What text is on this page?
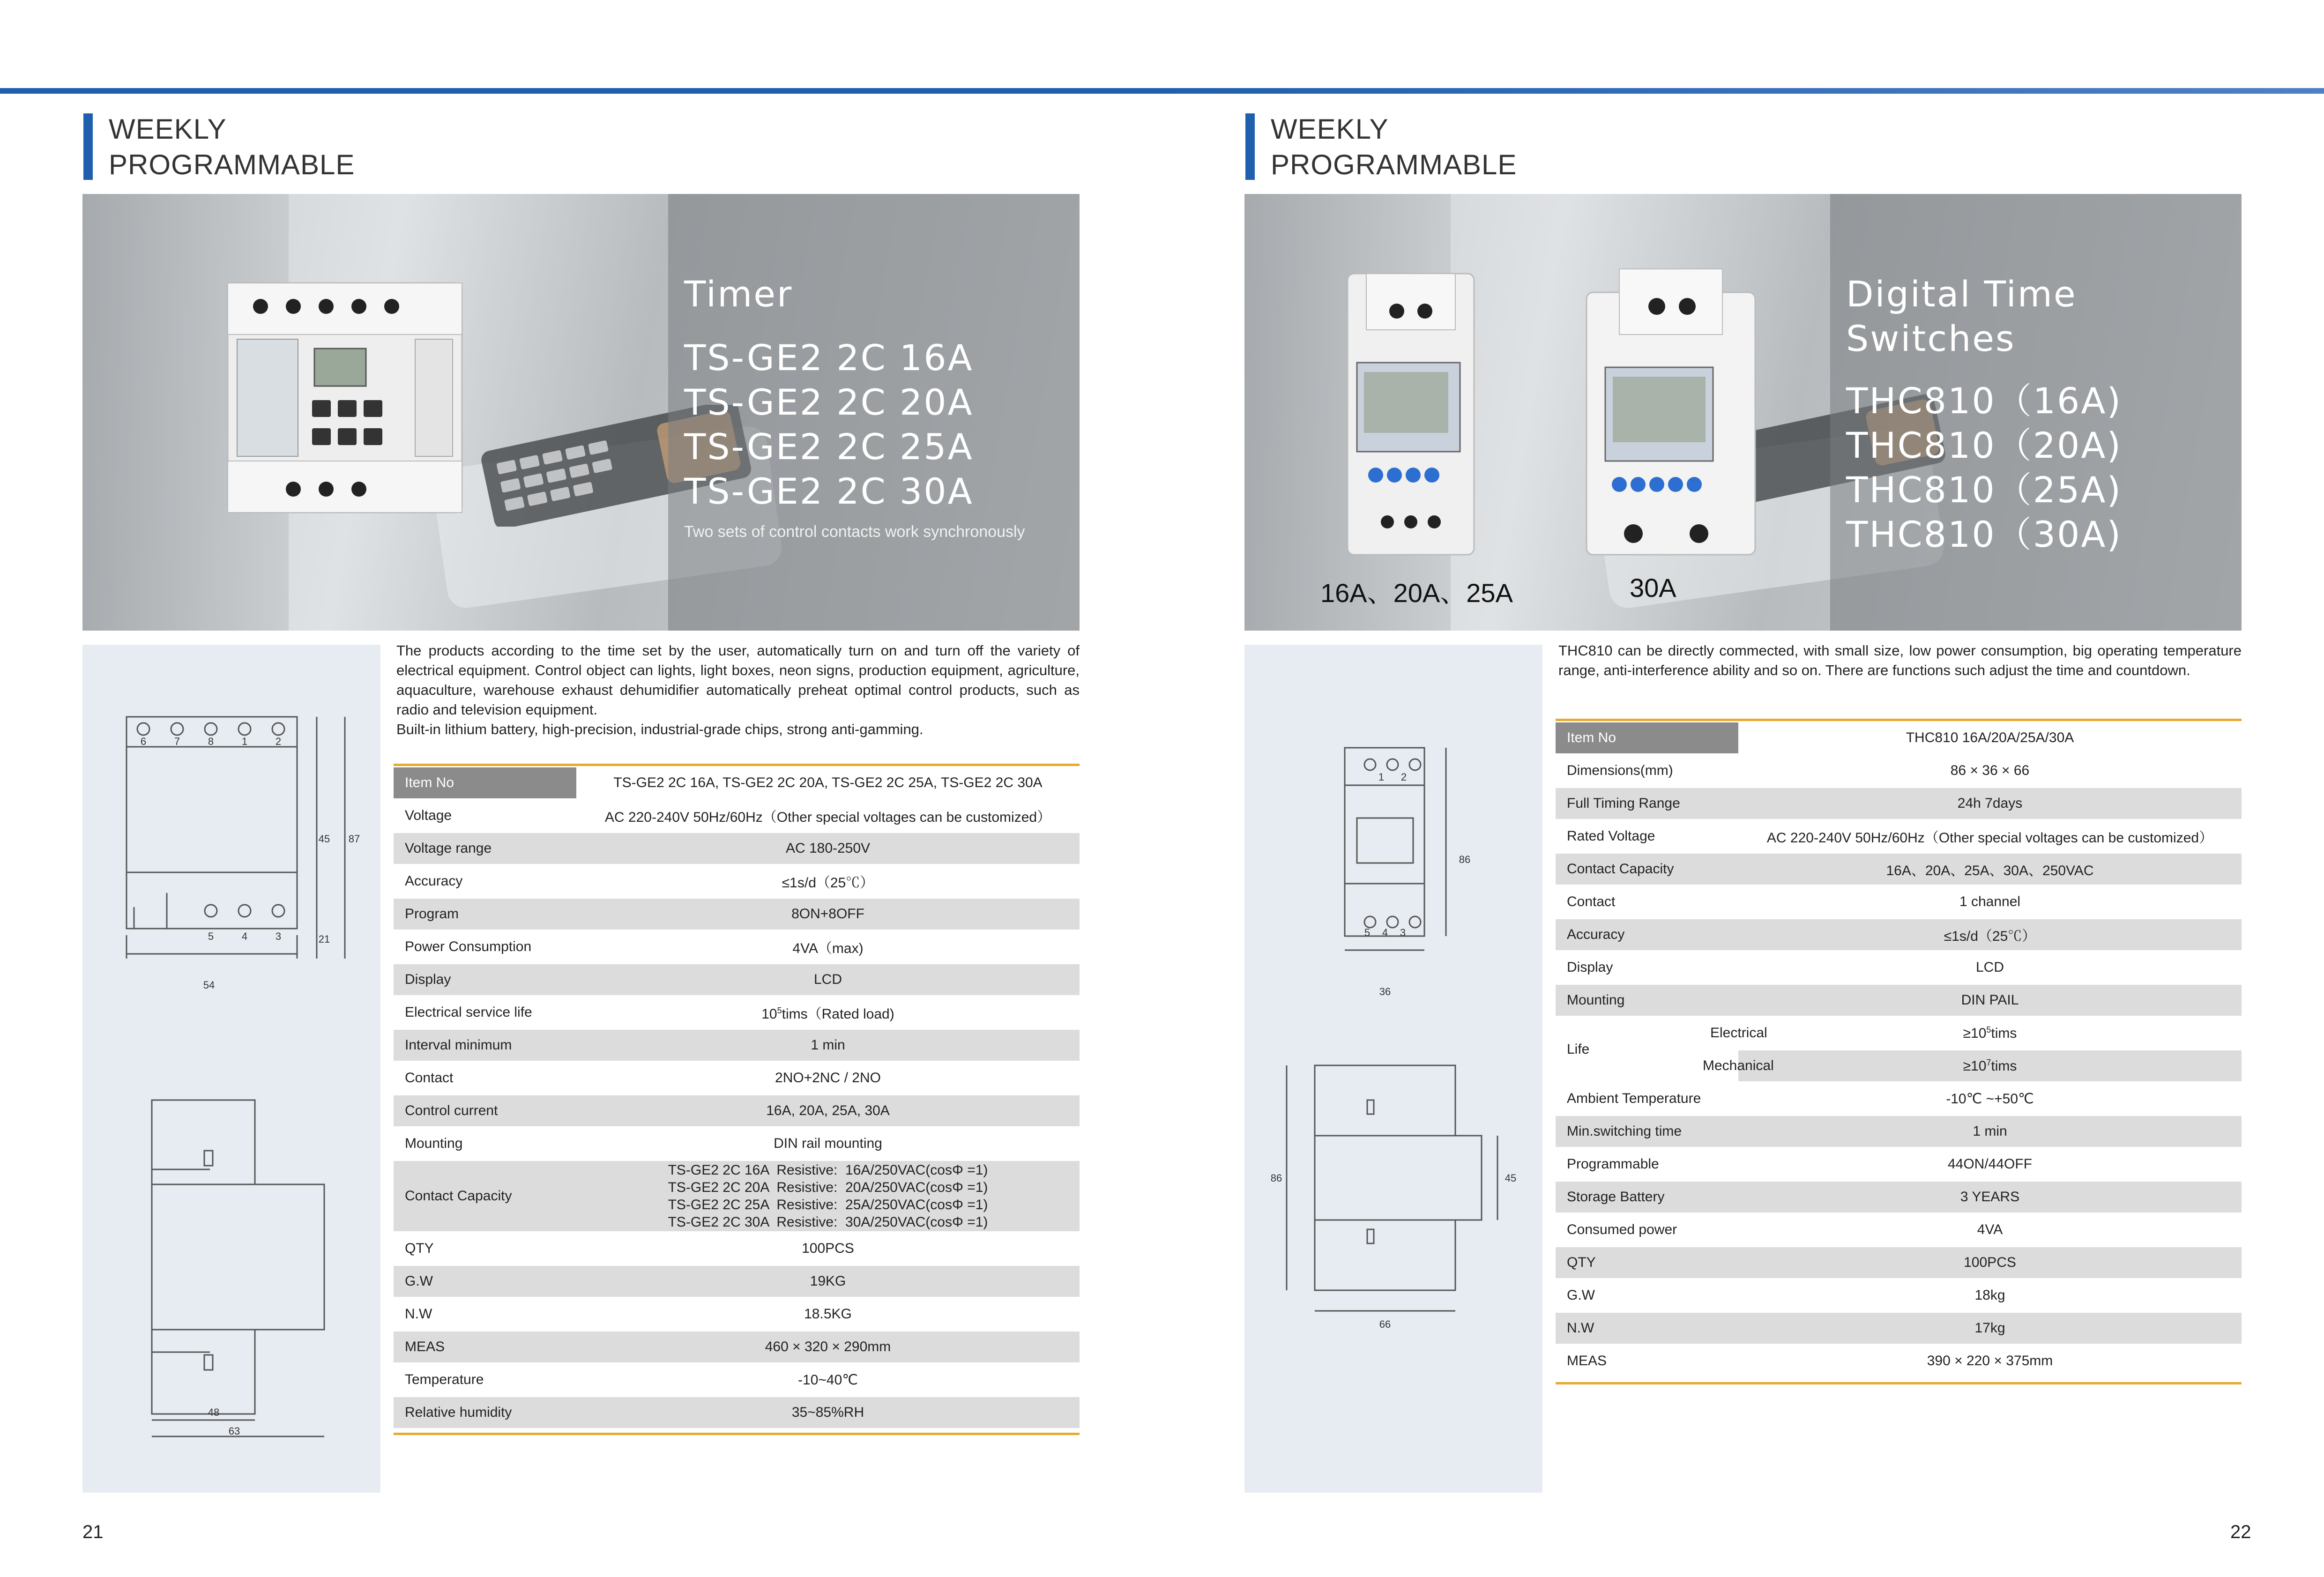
WEEKLY
PROGRAMMABLE
Timer
TS-GE2 2C 16A
TS-GE2 2C 20A
TS-GE2 2C 25A
TS-GE2 2C 30A
Two sets of control contacts work synchronously
6	7	8	1	2
5	4	3
45 87
21
54
48
63
The products according to the time set by the user, automatically turn on and turn off the variety of electrical equipment. Control object can lights, light boxes, neon signs, production equipment, agriculture, aquaculture, warehouse exhaust dehumidifier automatically preheat optimal control products, such as radio and television equipment.
Built-in lithium battery, high-precision, industrial-grade chips, strong anti-gamming.
Item No	TS-GE2 2C 16A, TS-GE2 2C 20A, TS-GE2 2C 25A, TS-GE2 2C 30A
Voltage	AC 220-240V 50Hz/60Hz（Other special voltages can be customized）
Voltage range	AC 180-250V
Accuracy	≤1s/d（25℃）
Program	8ON+8OFF
Power Consumption	4VA（max)
Display	LCD
Electrical service life	$10^5tims(Rated$ load)
Interval minimum	1 min
Contact	2NO+2NC / 2NO
Control current	16A, 20A, 25A, 30A
Mounting	DIN rail mounting
Contact Capacity	TS-GE2 2C 16A  Resistive:  16A/250VAC(cosΦ =1)
TS-GE2 2C 20A  Resistive:  20A/250VAC(cosΦ =1)
TS-GE2 2C 25A  Resistive:  25A/250VAC(cosΦ =1)
TS-GE2 2C 30A  Resistive:  30A/250VAC(cosΦ =1)

QTY	100PCS
G.W	19KG
N.W	18.5KG
MEAS	460 × 320 × 290mm
Temperature	-10~40℃
Relative humidity	35~85%RH
21
WEEKLY
PROGRAMMABLE
Digital Time
Switches
THC810（16A)
THC810（20A)
THC810（25A)
THC810（30A)
16A、20A、25A	30A
1 2
5 4 3
86
36
86	45
66
THC810 can be directly commected, with small size, low power consumption, big operating temperature range, anti-interference ability and so on. There are functions such adjust the time and countdown.
Item No	THC810 16A/20A/25A/30A
Dimensions(mm)	86 × 36 × 66
Full Timing Range	24h 7days
Rated Voltage	AC 220-240V 50Hz/60Hz（Other special voltages can be customized）
Contact Capacity	16A、20A、25A、30A、250VAC
Contact	1 channel
Accuracy	≤1s/d（25℃）
Display	LCD
Mounting	DIN PAIL
Life	Electrical $\ge 10^5tims$

	Mechanical $\ge 10^7tims$
Ambient Temperature	-10℃ ~+50℃
Min.switching time	1 min
Programmable	44ON/44OFF
Storage Battery	3 YEARS
Consumed power	4VA
QTY	100PCS
G.W	18kg
N.W	17kg
MEAS	390 × 220 × 375mm
22
